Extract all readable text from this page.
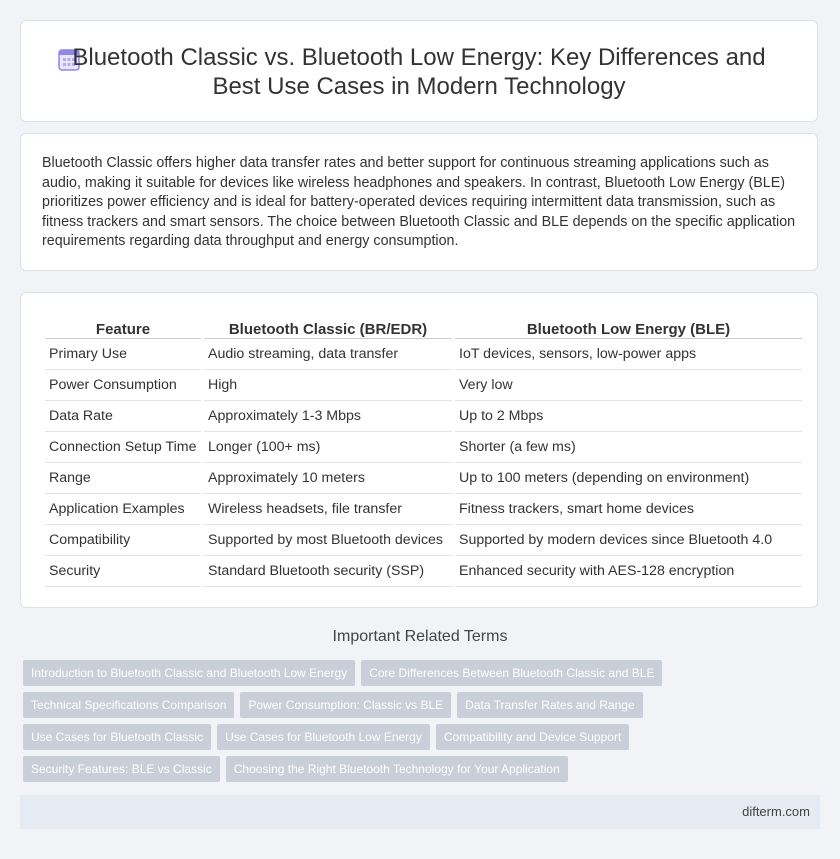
Bluetooth Classic vs. Bluetooth Low Energy: Key Differences and
Best Use Cases in Modern Technology
Bluetooth Classic offers higher data transfer rates and better support for continuous streaming applications such as audio, making it suitable for devices like wireless headphones and speakers. In contrast, Bluetooth Low Energy (BLE) prioritizes power efficiency and is ideal for battery-operated devices requiring intermittent data transmission, such as fitness trackers and smart sensors. The choice between Bluetooth Classic and BLE depends on the specific application requirements regarding data throughput and energy consumption.
Feature	Bluetooth Classic (BR/EDR)	Bluetooth Low Energy (BLE)
Primary Use	Audio streaming, data transfer	IoT devices, sensors, low-power apps
Power Consumption	High	Very low
Data Rate	Approximately 1-3 Mbps	Up to 2 Mbps
Connection Setup Time	Longer (100+ ms)	Shorter (a few ms)
Range	Approximately 10 meters	Up to 100 meters (depending on environment)
Application Examples	Wireless headsets, file transfer	Fitness trackers, smart home devices
Compatibility	Supported by most Bluetooth devices	Supported by modern devices since Bluetooth 4.0
Security	Standard Bluetooth security (SSP)	Enhanced security with AES-128 encryption
Important Related Terms
Introduction to Bluetooth Classic and Bluetooth Low Energy	Core Differences Between Bluetooth Classic and BLE
Technical Specifications Comparison	Power Consumption: Classic vs BLE	Data Transfer Rates and Range
Use Cases for Bluetooth Classic	Use Cases for Bluetooth Low Energy	Compatibility and Device Support
Security Features: BLE vs Classic	Choosing the Right Bluetooth Technology for Your Application
difterm.com
